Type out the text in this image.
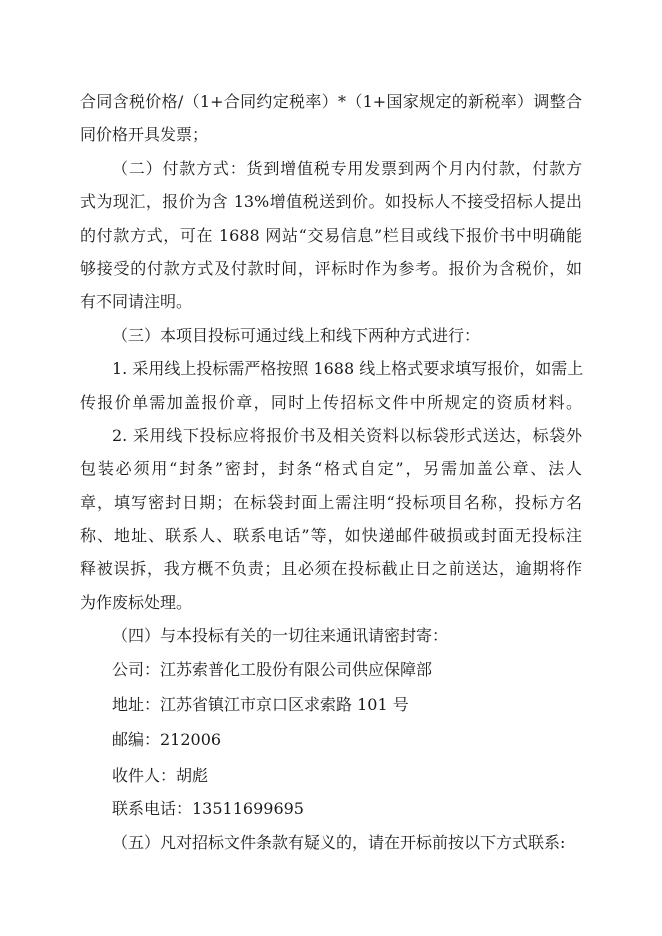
合同含税价格/（1+合同约定税率）*（1+国家规定的新税率）调整合
同价格开具发票；
（二）付款方式：货到增值税专用发票到两个月内付款，付款方
式为现汇，报价为含 13%增值税送到价。如投标人不接受招标人提出
的付款方式，可在 1688 网站“交易信息”栏目或线下报价书中明确能
够接受的付款方式及付款时间，评标时作为参考。报价为含税价，如
有不同请注明。
（三）本项目投标可通过线上和线下两种方式进行：
1. 采用线上投标需严格按照 1688 线上格式要求填写报价，如需上
传报价单需加盖报价章，同时上传招标文件中所规定的资质材料。
2. 采用线下投标应将报价书及相关资料以标袋形式送达，标袋外
包装必须用“封条”密封，封条“格式自定”，另需加盖公章、法人
章，填写密封日期；在标袋封面上需注明“投标项目名称，投标方名
称、地址、联系人、联系电话”等，如快递邮件破损或封面无投标注
释被误拆，我方概不负责；且必须在投标截止日之前送达，逾期将作
为作废标处理。
（四）与本投标有关的一切往来通讯请密封寄：
公司：江苏索普化工股份有限公司供应保障部
地址：江苏省镇江市京口区求索路 101 号
邮编：212006
收件人：胡彪
联系电话：13511699695
（五）凡对招标文件条款有疑义的，请在开标前按以下方式联系:
